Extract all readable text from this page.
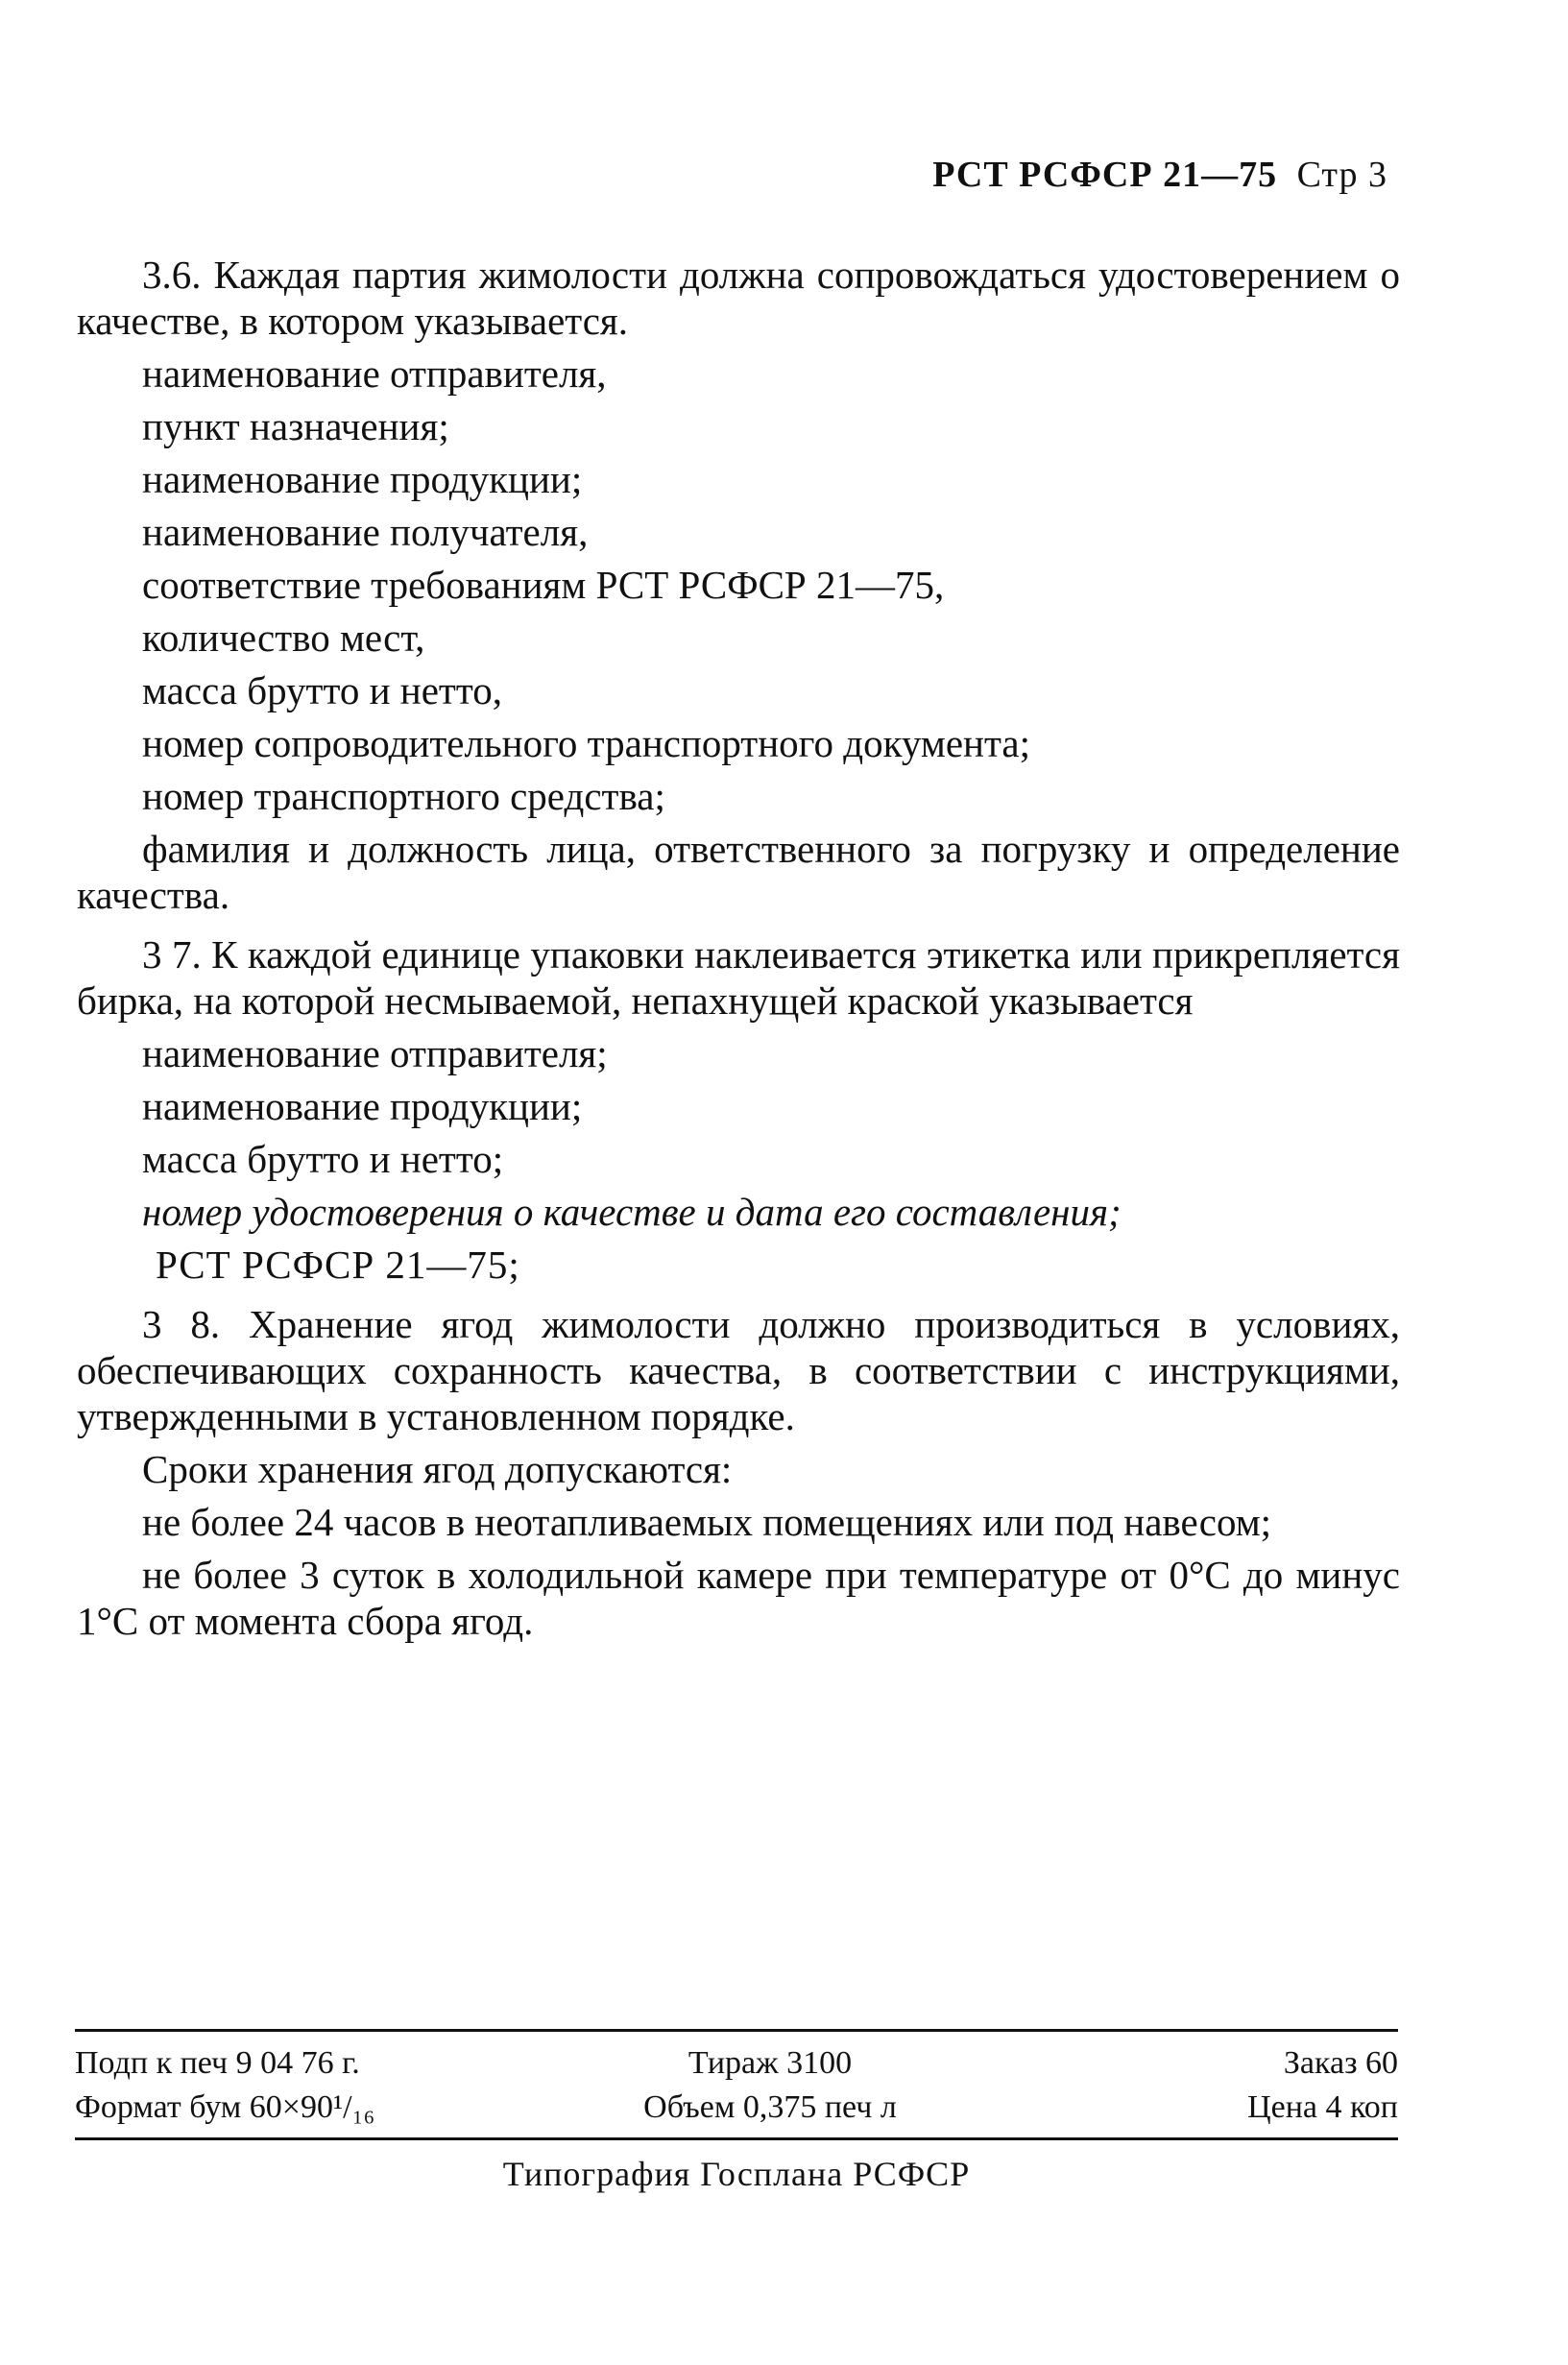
РСТ РСФСР 21—75 Стр 3

3.6. Каждая партия жимолости должна сопровождаться удостоверением о качестве, в котором указывается.

наименование отправителя,

пункт назначения;

наименование продукции;

наименование получателя,

соответствие требованиям РСТ РСФСР 21—75,

количество мест,

масса брутто и нетто,

номер сопроводительного транспортного документа;

номер транспортного средства;

фамилия и должность лица, ответственного за погрузку и определение качества.

3 7. К каждой единице упаковки наклеивается этикетка или прикрепляется бирка, на которой несмываемой, непахнущей краской указывается

наименование отправителя;

наименование продукции;

масса брутто и нетто;

номер удостоверения о качестве и дата его составления;

РСТ РСФСР 21—75;

3 8. Хранение ягод жимолости должно производиться в условиях, обеспечивающих сохранность качества, в соответствии с инструкциями, утвержденными в установленном порядке.

Сроки хранения ягод допускаются:

не более 24 часов в неотапливаемых помещениях или под навесом;

не более 3 суток в холодильной камере при температуре от 0°С до минус 1°С от момента сбора ягод.

Подп к печ 9 04 76 г.	Тираж 3100	Заказ 60
Формат бум 60×90¹/₁₆	Объем 0,375 печ л	Цена 4 коп
Типография Госплана РСФСР
